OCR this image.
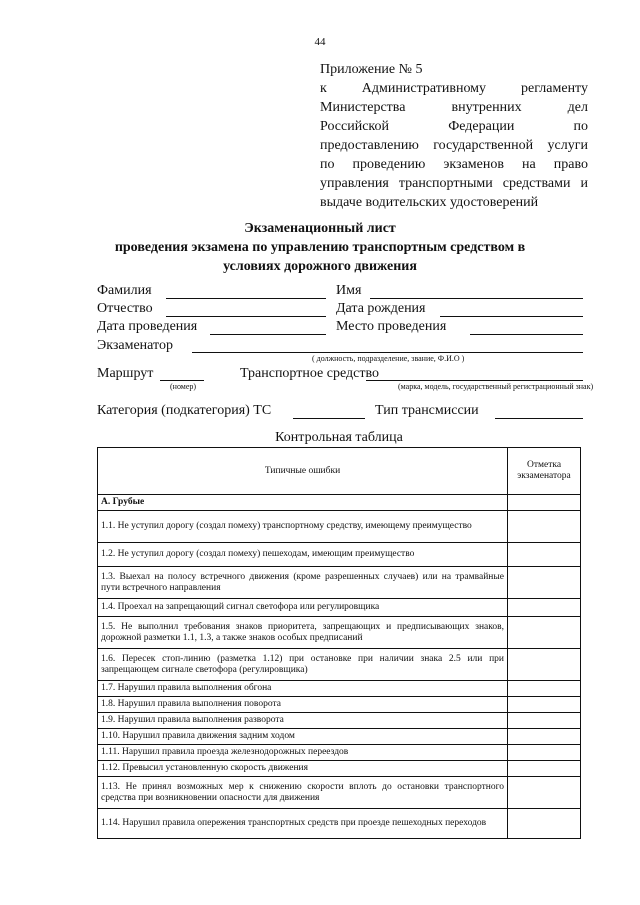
44
Приложение № 5
к Административному регламенту
Министерства внутренних дел
Российской Федерации по
предоставлению государственной услуги
по проведению экзаменов на право
управления транспортными средствами и
выдаче водительских удостоверений
Экзаменационный лист
проведения экзамена по управлению транспортным средством в
условиях дорожного движения
Фамилия	Имя
Отчество	Дата рождения
Дата проведения	Место проведения
Экзаменатор
( должность, подразделение, звание, Ф.И.О )
Маршрут
(номер)
Транспортное средство
(марка, модель, государственный регистрационный знак)
Категория (подкатегория) ТС	Тип трансмиссии
Контрольная таблица
Типичные ошибки	Отметка экзаменатора
А. Грубые	
1.1. Не уступил дорогу (создал помеху) транспортному средству, имеющему преимущество	
1.2. Не уступил дорогу (создал помеху) пешеходам, имеющим преимущество	
1.3. Выехал на полосу встречного движения (кроме разрешенных случаев) или на трамвайные пути встречного направления	
1.4. Проехал на запрещающий сигнал светофора или регулировщика	
1.5. Не выполнил требования знаков приоритета, запрещающих и предписывающих знаков, дорожной разметки 1.1, 1.3, а также знаков особых предписаний	
1.6. Пересек стоп-линию (разметка 1.12) при остановке при наличии знака 2.5 или при запрещающем сигнале светофора (регулировщика)	
1.7. Нарушил правила выполнения обгона	
1.8. Нарушил правила выполнения поворота	
1.9. Нарушил правила выполнения разворота	
1.10. Нарушил правила движения задним ходом	
1.11. Нарушил правила проезда железнодорожных переездов	
1.12. Превысил установленную скорость движения	
1.13. Не принял возможных мер к снижению скорости вплоть до остановки транспортного средства при возникновении опасности для движения	
1.14. Нарушил правила опережения транспортных средств при проезде пешеходных переходов	
